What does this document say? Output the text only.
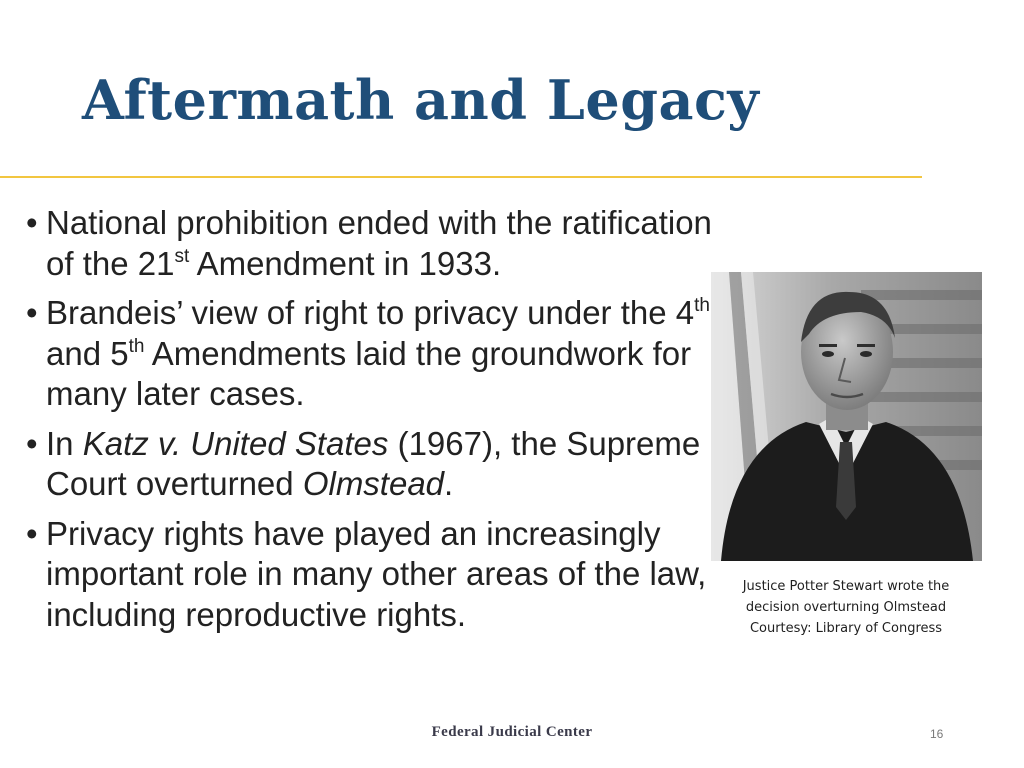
Aftermath and Legacy
• National prohibition ended with the ratification of the 21st Amendment in 1933.
• Brandeis’ view of right to privacy under the 4th and 5th Amendments laid the groundwork for many later cases.
• In Katz v. United States (1967), the Supreme Court overturned Olmstead.
• Privacy rights have played an increasingly important role in many other areas of the law, including reproductive rights.
Justice Potter Stewart wrote the
decision overturning Olmstead
Courtesy: Library of Congress
Federal Judicial Center	16
